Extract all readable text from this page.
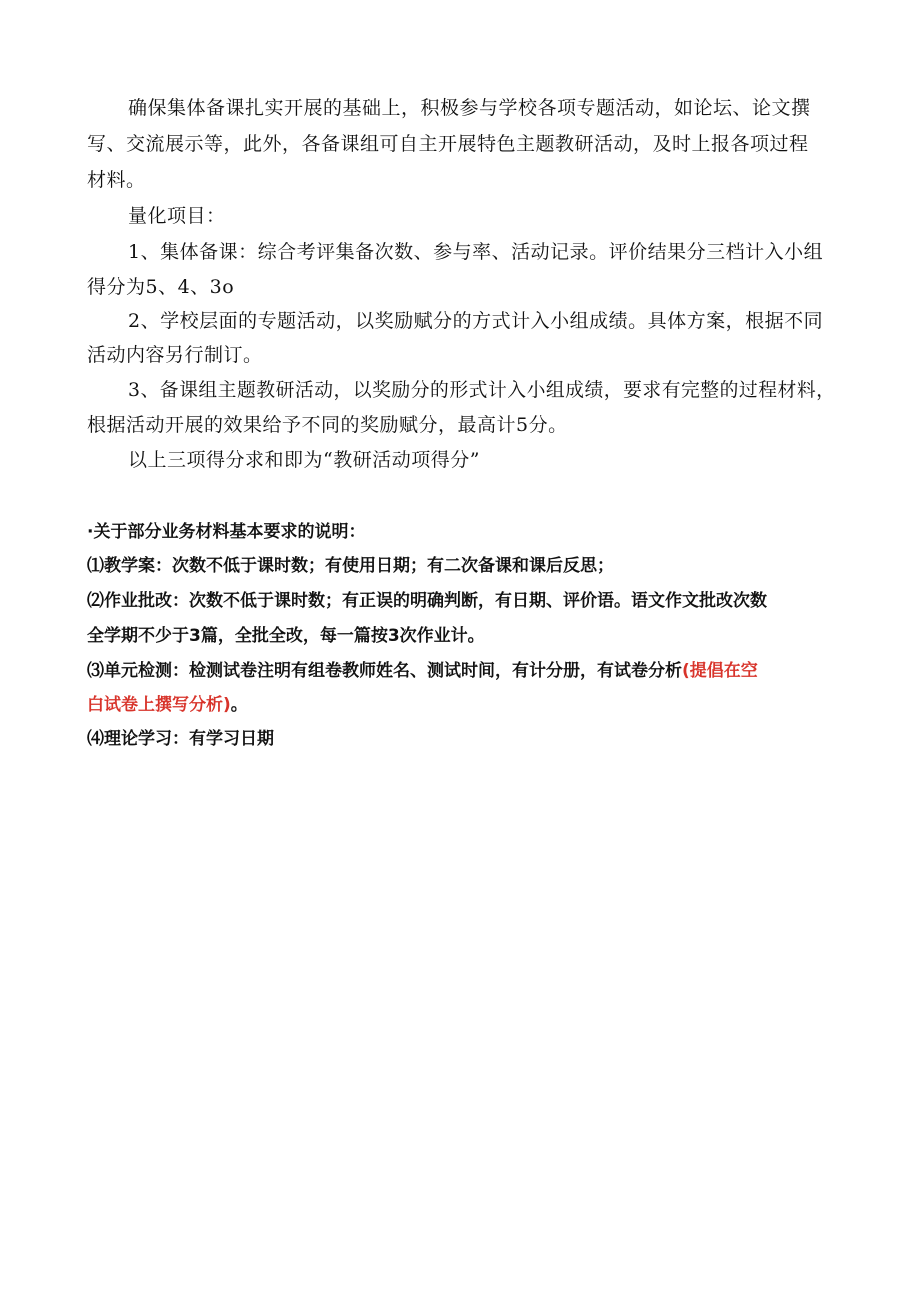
确保集体备课扎实开展的基础上，积极参与学校各项专题活动，如论坛、论文撰
写、交流展示等，此外，各备课组可自主开展特色主题教研活动，及时上报各项过程
材料。
量化项目：
1、集体备课：综合考评集备次数、参与率、活动记录。评价结果分三档计入小组
得分为5、4、3o
2、学校层面的专题活动，以奖励赋分的方式计入小组成绩。具体方案，根据不同
活动内容另行制订。
3、备课组主题教研活动，以奖励分的形式计入小组成绩，要求有完整的过程材料，
根据活动开展的效果给予不同的奖励赋分，最高计5分。
以上三项得分求和即为“教研活动项得分”
·关于部分业务材料基本要求的说明：
⑴教学案：次数不低于课时数；有使用日期；有二次备课和课后反思；
⑵作业批改：次数不低于课时数；有正误的明确判断，有日期、评价语。语文作文批改次数
全学期不少于3篇，全批全改，每一篇按3次作业计。
⑶单元检测：检测试卷注明有组卷教师姓名、测试时间，有计分册，有试卷分析(提倡在空
白试卷上撰写分析)。
⑷理论学习：有学习日期
